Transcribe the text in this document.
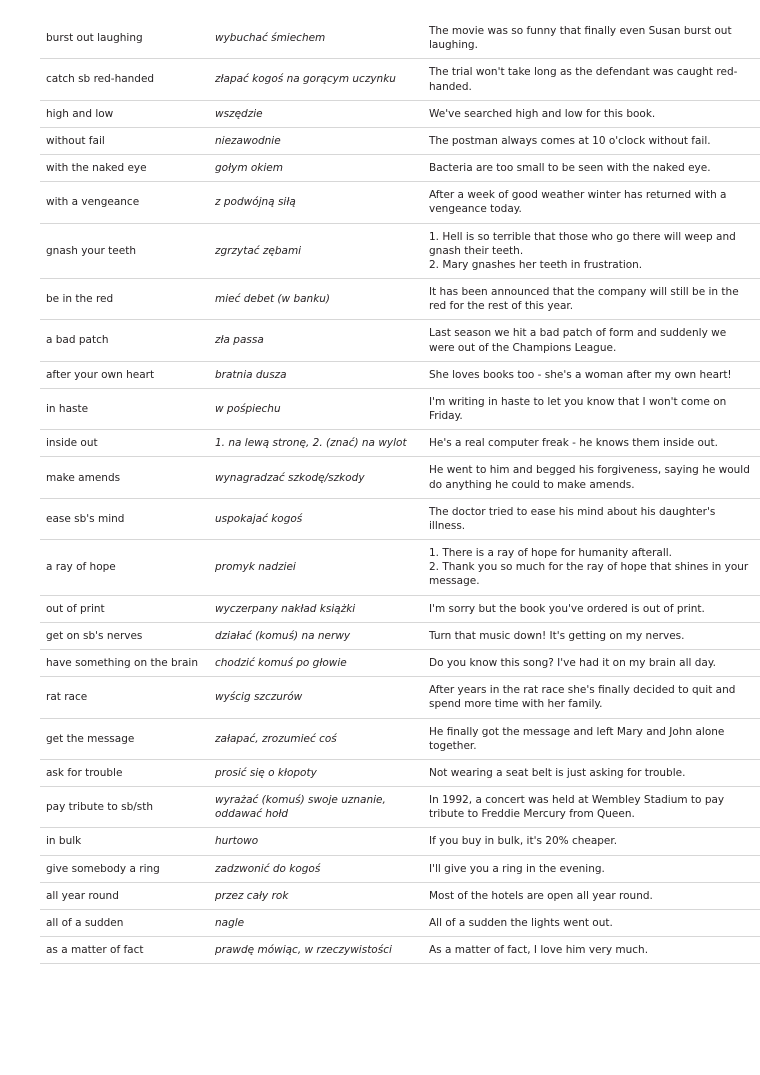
burst out laughing	wybuchać śmiechem	The movie was so funny that finally even Susan burst out laughing.

catch sb red-handed	złapać kogoś na gorącym uczynku	The trial won't take long as the defendant was caught red-handed.

high and low	wszędzie	We've searched high and low for this book.

without fail	niezawodnie	The postman always comes at 10 o'clock without fail.

with the naked eye	gołym okiem	Bacteria are too small to be seen with the naked eye.

with a vengeance	z podwójną siłą	After a week of good weather winter has returned with a vengeance today.

gnash your teeth	zgrzytać zębami	1. Hell is so terrible that those who go there will weep and gnash their teeth.
2. Mary gnashes her teeth in frustration.

be in the red	mieć debet (w banku)	It has been announced that the company will still be in the red for the rest of this year.

a bad patch	zła passa	Last season we hit a bad patch of form and suddenly we were out of the Champions League.

after your own heart	bratnia dusza	She loves books too - she's a woman after my own heart!

in haste	w pośpiechu	I'm writing in haste to let you know that I won't come on Friday.

inside out	1. na lewą stronę, 2. (znać) na wylot	He's a real computer freak - he knows them inside out.

make amends	wynagradzać szkodę/szkody	He went to him and begged his forgiveness, saying he would do anything he could to make amends.

ease sb's mind	uspokajać kogoś	The doctor tried to ease his mind about his daughter's illness.

a ray of hope	promyk nadziei	1. There is a ray of hope for humanity afterall.
2. Thank you so much for the ray of hope that shines in your message.

out of print	wyczerpany nakład książki	I'm sorry but the book you've ordered is out of print.

get on sb's nerves	działać (komuś) na nerwy	Turn that music down! It's getting on my nerves.

have something on the brain	chodzić komuś po głowie	Do you know this song? I've had it on my brain all day.

rat race	wyścig szczurów	After years in the rat race she's finally decided to quit and spend more time with her family.

get the message	załapać, zrozumieć coś	He finally got the message and left Mary and John alone together.

ask for trouble	prosić się o kłopoty	Not wearing a seat belt is just asking for trouble.

pay tribute to sb/sth	wyrażać (komuś) swoje uznanie, oddawać hołd	In 1992, a concert was held at Wembley Stadium to pay tribute to Freddie Mercury from Queen.

in bulk	hurtowo	If you buy in bulk, it's 20% cheaper.

give somebody a ring	zadzwonić do kogoś	I'll give you a ring in the evening.

all year round	przez cały rok	Most of the hotels are open all year round.

all of a sudden	nagle	All of a sudden the lights went out.

as a matter of fact	prawdę mówiąc, w rzeczywistości	As a matter of fact, I love him very much.
